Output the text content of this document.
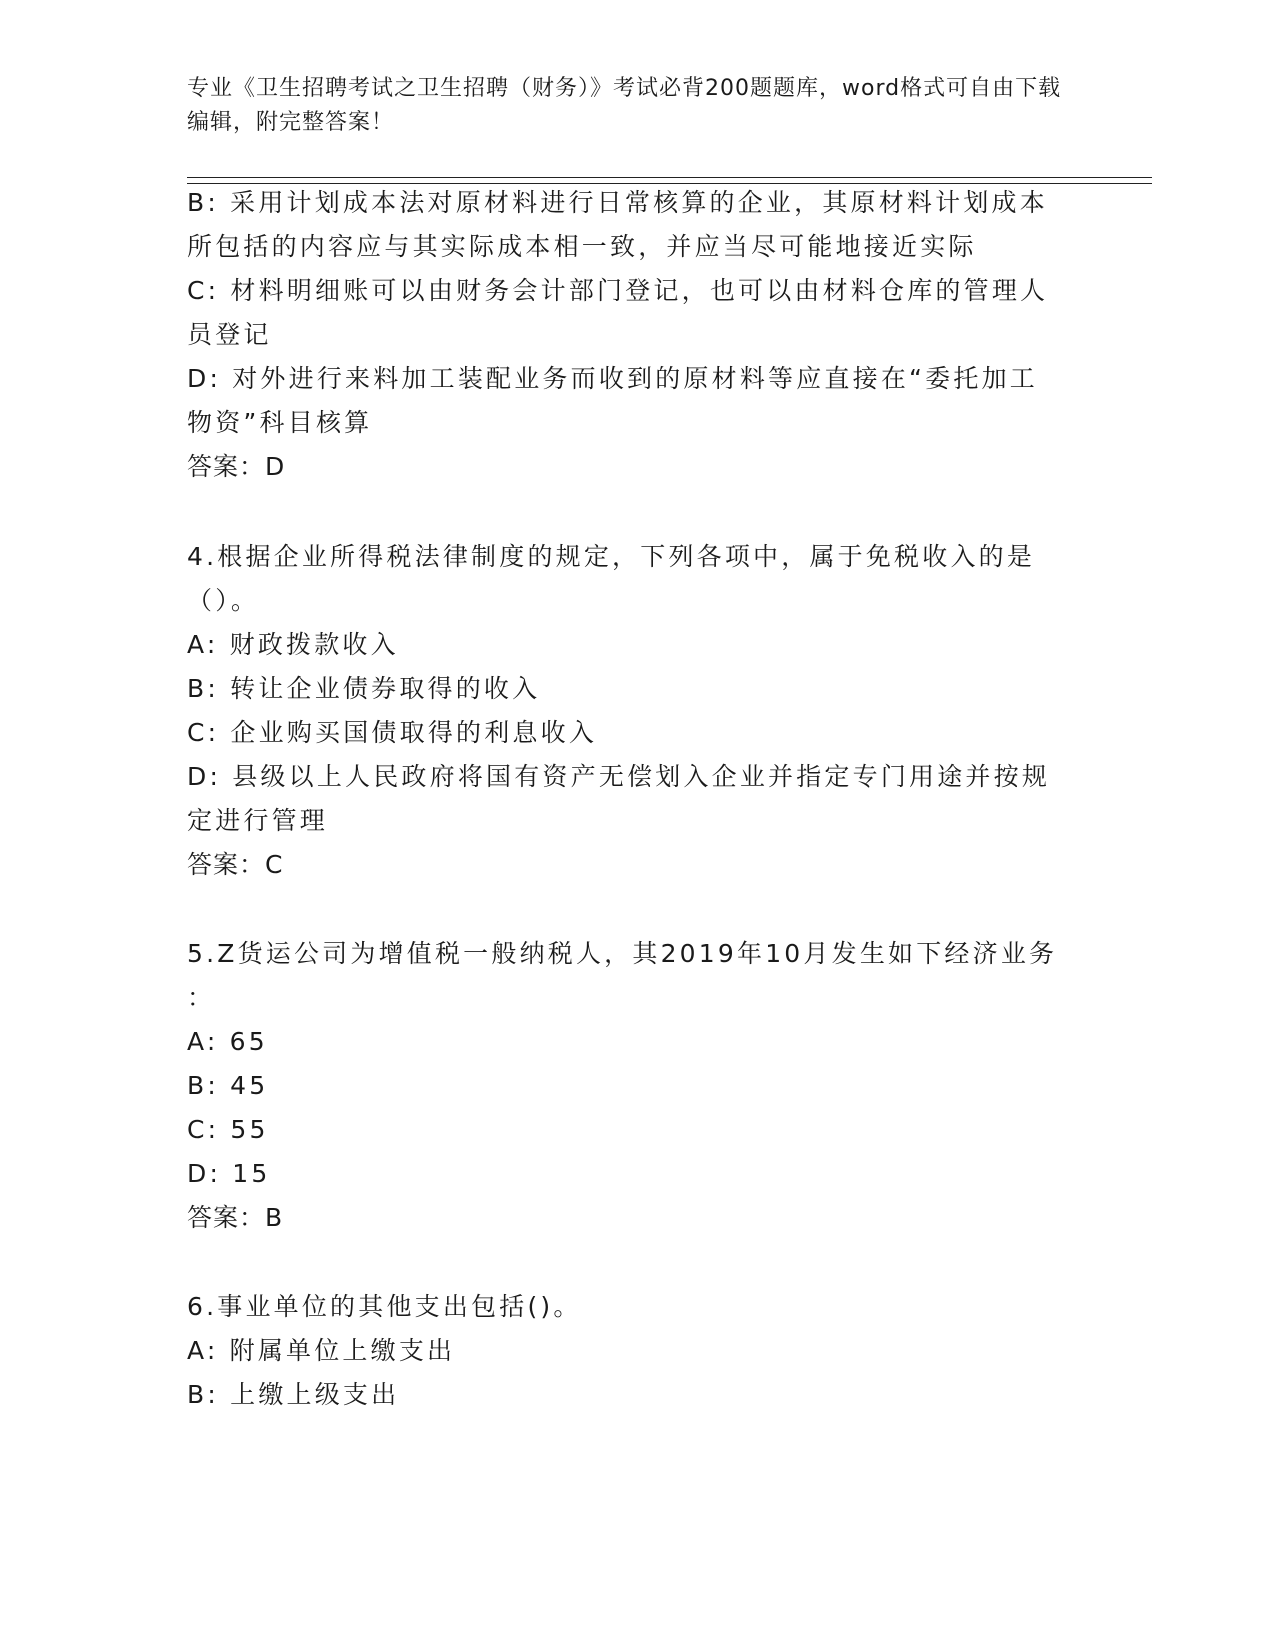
专业《卫生招聘考试之卫生招聘（财务）》考试必背200题题库，word格式可自由下载编辑，附完整答案！
B: 采用计划成本法对原材料进行日常核算的企业，其原材料计划成本
所包括的内容应与其实际成本相一致，并应当尽可能地接近实际
C: 材料明细账可以由财务会计部门登记，也可以由材料仓库的管理人
员登记
D: 对外进行来料加工装配业务而收到的原材料等应直接在“委托加工
物资”科目核算
答案：D
4.根据企业所得税法律制度的规定，下列各项中，属于免税收入的是
（）。
A: 财政拨款收入
B: 转让企业债券取得的收入
C: 企业购买国债取得的利息收入
D: 县级以上人民政府将国有资产无偿划入企业并指定专门用途并按规
定进行管理
答案：C
5.Z货运公司为增值税一般纳税人，其2019年10月发生如下经济业务
：
A: 65
B: 45
C: 55
D: 15
答案：B
6.事业单位的其他支出包括()。
A: 附属单位上缴支出
B: 上缴上级支出
